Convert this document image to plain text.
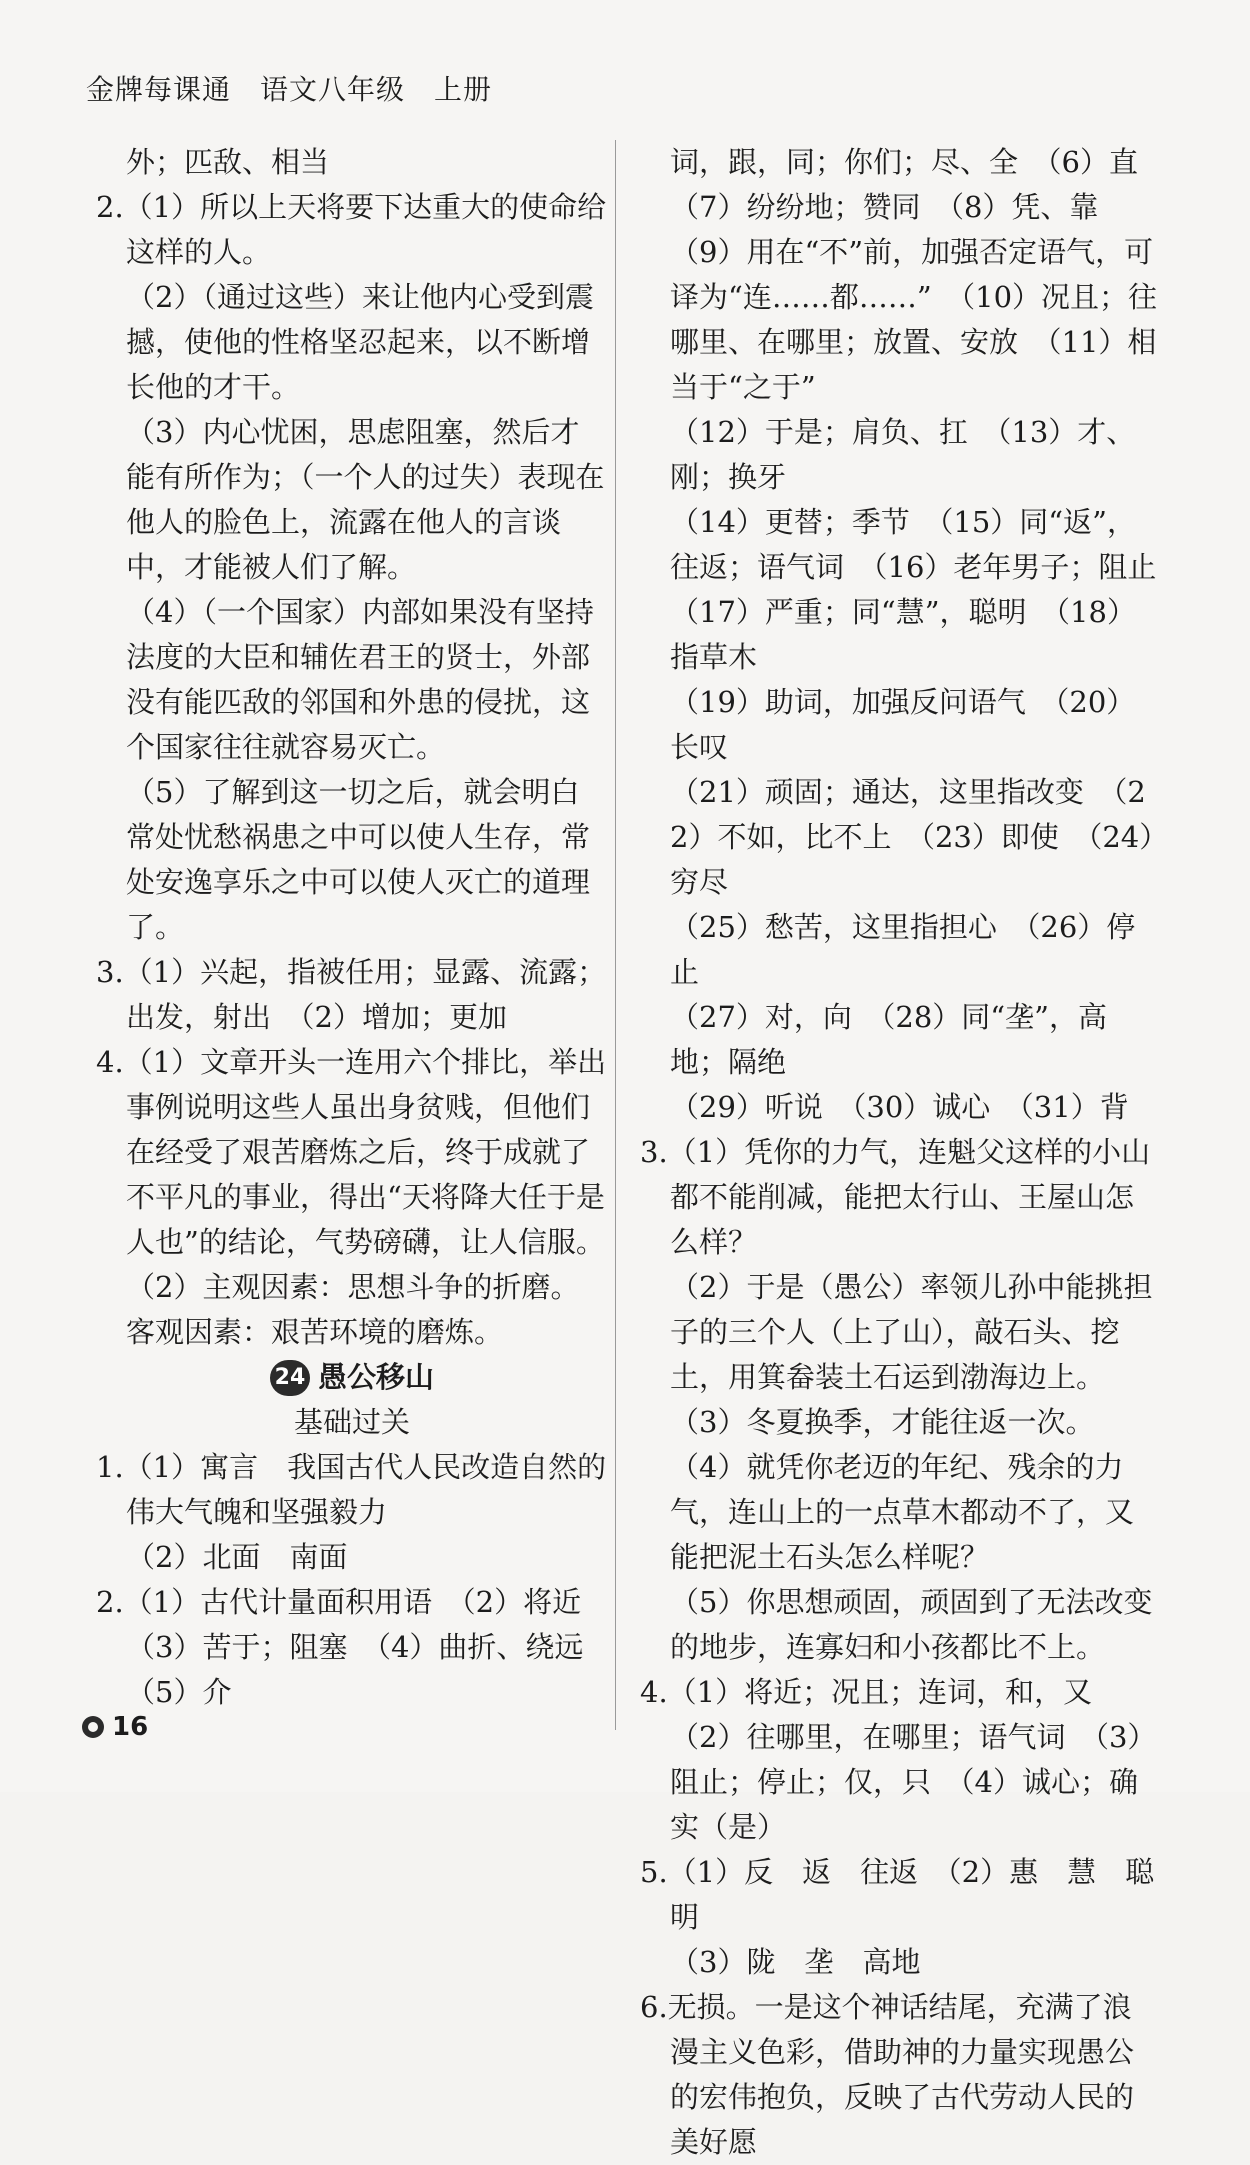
金牌每课通　语文八年级　上册

外；匹敌、相当

2.（1）所以上天将要下达重大的使命给这样的人。

（2）（通过这些）来让他内心受到震撼，使他的性格坚忍起来，以不断增长他的才干。

（3）内心忧困，思虑阻塞，然后才能有所作为；（一个人的过失）表现在他人的脸色上，流露在他人的言谈中，才能被人们了解。

（4）（一个国家）内部如果没有坚持法度的大臣和辅佐君王的贤士，外部没有能匹敌的邻国和外患的侵扰，这个国家往往就容易灭亡。

（5）了解到这一切之后，就会明白常处忧愁祸患之中可以使人生存，常处安逸享乐之中可以使人灭亡的道理了。

3.（1）兴起，指被任用；显露、流露；出发，射出　（2）增加；更加

4.（1）文章开头一连用六个排比，举出事例说明这些人虽出身贫贱，但他们在经受了艰苦磨炼之后，终于成就了不平凡的事业，得出“天将降大任于是人也”的结论，气势磅礴，让人信服。

（2）主观因素：思想斗争的折磨。

客观因素：艰苦环境的磨炼。

24 愚公移山

基础过关

1.（1）寓言　我国古代人民改造自然的伟大气魄和坚强毅力

（2）北面　南面

2.（1）古代计量面积用语　（2）将近

（3）苦于；阻塞　（4）曲折、绕远　（5）介

词，跟，同；你们；尽、全　（6）直　（7）纷纷地；赞同　（8）凭、靠　（9）用在“不”前，加强否定语气，可译为“连……都……”　（10）况且；往哪里、在哪里；放置、安放　（11）相当于“之于”

（12）于是；肩负、扛　（13）才、刚；换牙

（14）更替；季节　（15）同“返”，往返；语气词　（16）老年男子；阻止　（17）严重；同“慧”，聪明　（18）指草木

（19）助词，加强反问语气　（20）长叹

（21）顽固；通达，这里指改变　（22）不如，比不上　（23）即使　（24）穷尽

（25）愁苦，这里指担心　（26）停止

（27）对，向　（28）同“垄”，高地；隔绝

（29）听说　（30）诚心　（31）背

3.（1）凭你的力气，连魁父这样的小山都不能削减，能把太行山、王屋山怎么样？

（2）于是（愚公）率领儿孙中能挑担子的三个人（上了山），敲石头、挖土，用箕畚装土石运到渤海边上。

（3）冬夏换季，才能往返一次。

（4）就凭你老迈的年纪、残余的力气，连山上的一点草木都动不了，又能把泥土石头怎么样呢？

（5）你思想顽固，顽固到了无法改变的地步，连寡妇和小孩都比不上。

4.（1）将近；况且；连词，和，又　（2）往哪里，在哪里；语气词　（3）阻止；停止；仅，只　（4）诚心；确实（是）

5.（1）反　返　往返　（2）惠　慧　聪明

（3）陇　垄　高地

6.无损。一是这个神话结尾，充满了浪漫主义色彩，借助神的力量实现愚公的宏伟抱负，反映了古代劳动人民的美好愿

16
